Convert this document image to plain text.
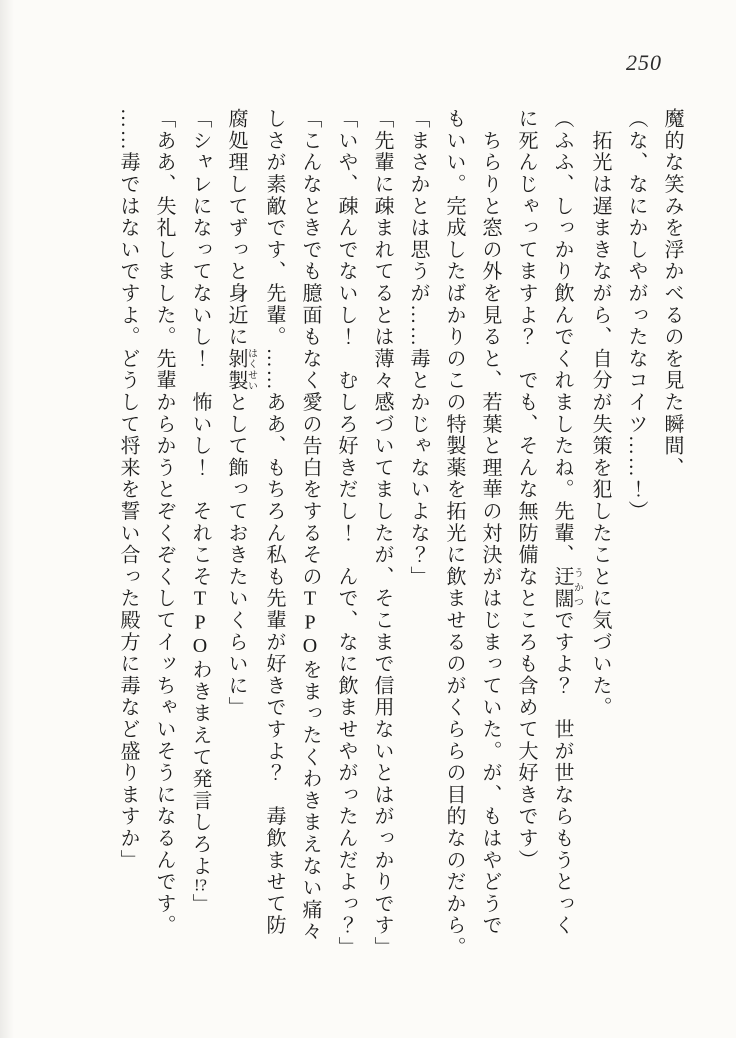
250
魔的な笑みを浮かべるのを見た瞬間、
（な、なにかしやがったなコイツ……！）
　拓光は遅まきながら、自分が失策を犯したことに気づいた。
（ふふ、しっかり飲んでくれましたね。先輩、迂闊うかつですよ？　世が世ならもうとっく
に死んじゃってますよ？　でも、そんな無防備なところも含めて大好きです）
　ちらりと窓の外を見ると、若葉と理華の対決がはじまっていた。が、もはやどうで
もいい。完成したばかりのこの特製薬を拓光に飲ませるのがくららの目的なのだから。
「まさかとは思うが……毒とかじゃないよな？」
「先輩に疎まれてるとは薄々感づいてましたが、そこまで信用ないとはがっかりです」
「いや、疎んでないし！　むしろ好きだし！　んで、なに飲ませやがったんだよっ？」
「こんなときでも臆面もなく愛の告白をするそのTPOをまったくわきまえない痛々
しさが素敵です、先輩。……ああ、もちろん私も先輩が好きですよ？　毒飲ませて防
腐処理してずっと身近に剝製はくせいとして飾っておきたいくらいに」
「シャレになってないし！　怖いし！　それこそTPOわきまえて発言しろよ!?」
「ああ、失礼しました。先輩からかうとぞくぞくしてイッちゃいそうになるんです。
……毒ではないですよ。どうして将来を誓い合った殿方に毒など盛りますか」
